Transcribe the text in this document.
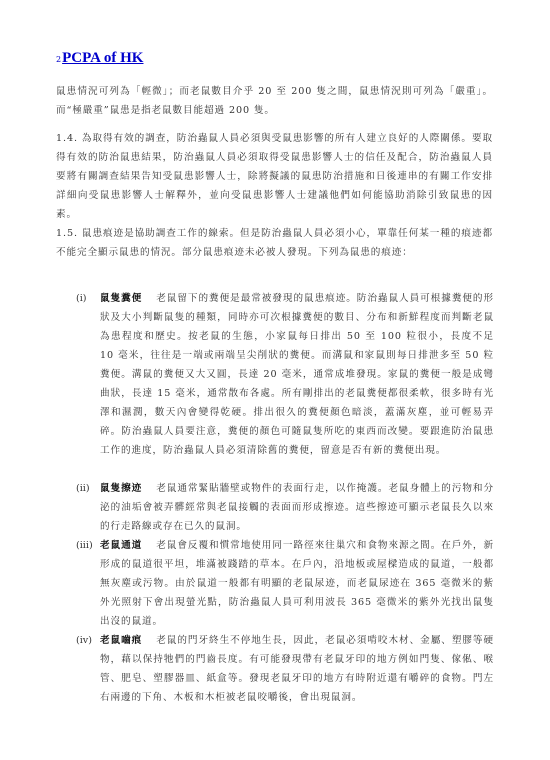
2 PCPA of HK

鼠患情況可列為「輕微」；而老鼠數目介乎 20 至 200 隻之間，鼠患情況則可列為「嚴重」。而“極嚴重”鼠患是指老鼠數目能超過 200 隻。

1.4. 為取得有效的調查，防治蟲鼠人員必須與受鼠患影響的所有人建立良好的人際關係。要取得有效的防治鼠患結果，防治蟲鼠人員必須取得受鼠患影響人士的信任及配合，防治蟲鼠人員要將有關調查結果告知受鼠患影響人士，除將擬議的鼠患防治措施和日後連串的有關工作安排詳細向受鼠患影響人士解釋外，並向受鼠患影響人士建議他們如何能協助消除引致鼠患的因素。

1.5. 鼠患痕迹是協助調查工作的線索。但是防治蟲鼠人員必須小心，單靠任何某一種的痕迹都不能完全顯示鼠患的情況。部分鼠患痕迹未必被人發現。下列為鼠患的痕迹：

(i) 鼠隻糞便 老鼠留下的糞便是最常被發現的鼠患痕迹。防治蟲鼠人員可根據糞便的形狀及大小判斷鼠隻的種類，同時亦可次根據糞便的數目、分布和新鮮程度而判斷老鼠為患程度和歷史。按老鼠的生態，小家鼠每日排出 50 至 100 粒很小，長度不足 10 毫米，往往是一端或兩端呈尖削狀的糞便。而溝鼠和家鼠則每日排泄多至 50 粒糞便。溝鼠的糞便又大又圓，長達 20 毫米，通常成堆發現。家鼠的糞便一般是成彎曲狀，長達 15 毫米，通常散布各處。所有剛排出的老鼠糞便都很柔軟，很多時有光澤和濕潤，數天內會變得乾硬。排出很久的糞便顏色暗淡，蓋滿灰塵，並可輕易弄碎。防治蟲鼠人員要注意，糞便的顏色可隨鼠隻所吃的東西而改變。要跟進防治鼠患工作的進度，防治蟲鼠人員必須清除舊的糞便，留意是否有新的糞便出現。

(ii) 鼠隻擦迹 老鼠通常緊貼牆壁或物件的表面行走，以作掩護。老鼠身體上的污物和分泌的油垢會被弄髒經常與老鼠接觸的表面而形成擦迹。這些擦迹可顯示老鼠長久以來的行走路線或存在已久的鼠洞。

(iii) 老鼠通道 老鼠會反覆和慣常地使用同一路徑來往巢穴和食物來源之間。在戶外，新形成的鼠道很平坦，堆滿被踐踏的草本。在戶內，沿地板或屋樑造成的鼠道，一般都無灰塵或污物。由於鼠道一般都有明顯的老鼠尿迹，而老鼠尿迹在 365 毫微米的紫外光照射下會出現螢光點，防治蟲鼠人員可利用波長 365 毫微米的紫外光找出鼠隻出沒的鼠道。

(iv) 老鼠嚙痕 老鼠的門牙終生不停地生長，因此，老鼠必須啃咬木材、金屬、塑膠等硬物，藉以保持牠們的門齒長度。有可能發現帶有老鼠牙印的地方例如門隻、傢俬、喉管、肥皂、塑膠器皿、紙盒等。發現老鼠牙印的地方有時附近還有嚼碎的食物。門左右兩邊的下角、木板和木柜被老鼠咬嚼後，會出現鼠洞。
